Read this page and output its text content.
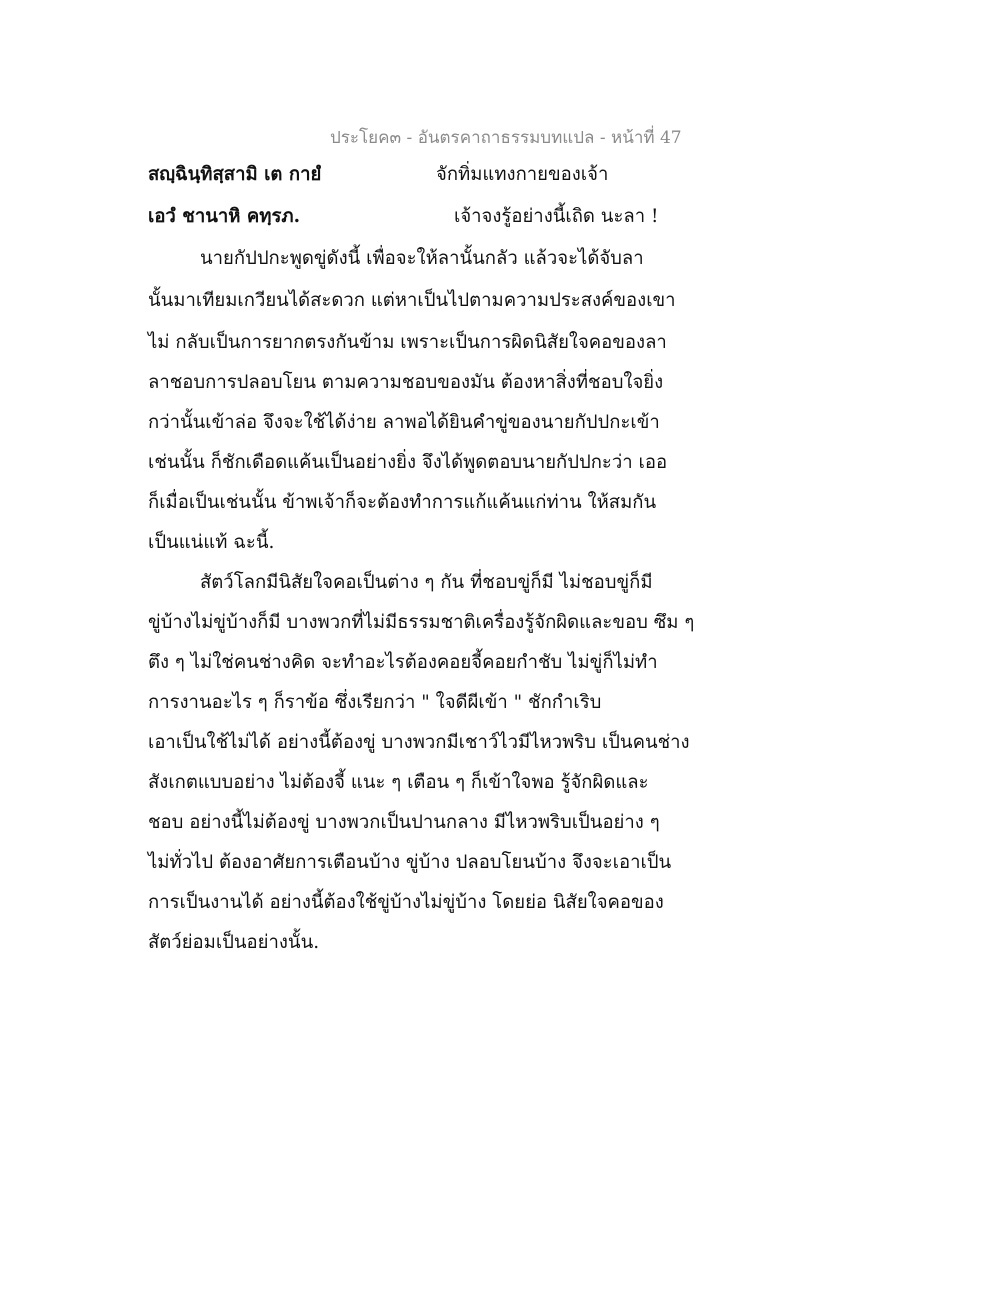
ประโยค๓ - อันตรคาถาธรรมบทแปล - หน้าที่ 47
สญฺฉินฺทิสฺสามิ เต กายํ	จักทิ่มแทงกายของเจ้า
เอวํ ชานาหิ คทฺรภ.	เจ้าจงรู้อย่างนี้เถิด นะลา !
นายกัปปกะพูดขู่ดังนี้ เพื่อจะให้ลานั้นกลัว แล้วจะได้จับลา
นั้นมาเทียมเกวียนได้สะดวก แต่หาเป็นไปตามความประสงค์ของเขา
ไม่ กลับเป็นการยากตรงกันข้าม เพราะเป็นการผิดนิสัยใจคอของลา
ลาชอบการปลอบโยน ตามความชอบของมัน ต้องหาสิ่งที่ชอบใจยิ่ง
กว่านั้นเข้าล่อ จึงจะใช้ได้ง่าย ลาพอได้ยินคำขู่ของนายกัปปกะเข้า
เช่นนั้น ก็ชักเดือดแค้นเป็นอย่างยิ่ง จึงได้พูดตอบนายกัปปกะว่า เออ
ก็เมื่อเป็นเช่นนั้น ข้าพเจ้าก็จะต้องทำการแก้แค้นแก่ท่าน ให้สมกัน
เป็นแน่แท้ ฉะนี้.
สัตว์โลกมีนิสัยใจคอเป็นต่าง ๆ กัน ที่ชอบขู่ก็มี ไม่ชอบขู่ก็มี
ขู่บ้างไม่ขู่บ้างก็มี บางพวกที่ไม่มีธรรมชาติเครื่องรู้จักผิดและขอบ ซึม ๆ
ตึง ๆ ไม่ใช่คนช่างคิด จะทำอะไรต้องคอยจี้คอยกำชับ ไม่ขู่ก็ไม่ทำ
การงานอะไร ๆ ก็ราข้อ ซึ่งเรียกว่า " ใจดีผีเข้า " ชักกำเริบ
เอาเป็นใช้ไม่ได้ อย่างนี้ต้องขู่ บางพวกมีเชาว์ไวมีไหวพริบ เป็นคนช่าง
สังเกตแบบอย่าง ไม่ต้องจี้ แนะ ๆ เตือน ๆ ก็เข้าใจพอ รู้จักผิดและ
ชอบ อย่างนี้ไม่ต้องขู่ บางพวกเป็นปานกลาง มีไหวพริบเป็นอย่าง ๆ
ไม่ทั่วไป ต้องอาศัยการเตือนบ้าง ขู่บ้าง ปลอบโยนบ้าง จึงจะเอาเป็น
การเป็นงานได้ อย่างนี้ต้องใช้ขู่บ้างไม่ขู่บ้าง โดยย่อ นิสัยใจคอของ
สัตว์ย่อมเป็นอย่างนั้น.
